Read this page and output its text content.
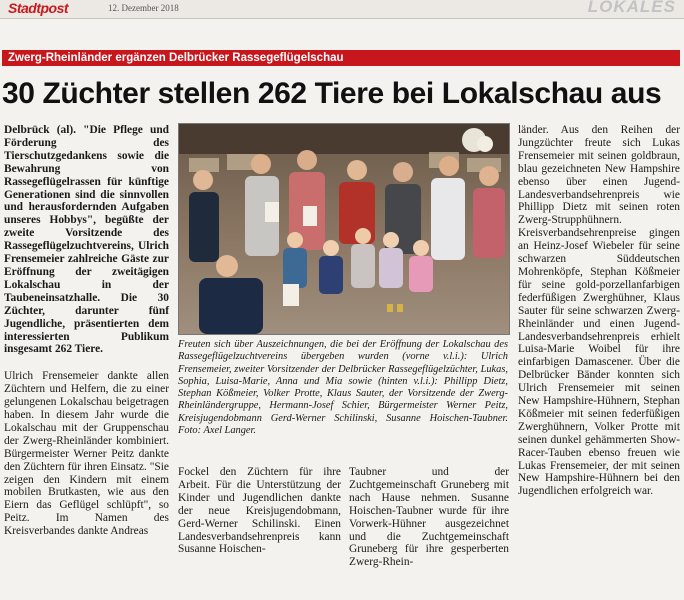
Stadtpost	12. Dezember 2018	LOKALES
Zwerg-Rheinländer ergänzen Delbrücker Rassegeflügelschau
30 Züchter stellen 262 Tiere bei Lokalschau aus

Delbrück (al). "Die Pflege und Förderung des Tierschutzgedankens sowie die Bewahrung von Rassegeflügelrassen für künftige Generationen sind die sinnvollen und herausfordernden Aufgaben unseres Hobbys", begüßte der zweite Vorsitzende des Rassegeflügelzuchtvereins, Ulrich Frensemeier zahlreiche Gäste zur Eröffnung der zweitägigen Lokalschau in der Taubeneinsatzhalle. Die 30 Züchter, darunter fünf Jugendliche, präsentierten dem interessierten Publikum insgesamt 262 Tiere.

Ulrich Frensemeier dankte allen Züchtern und Helfern, die zu einer gelungenen Lokalschau beigetragen haben. In diesem Jahr wurde die Lokalschau mit der Gruppenschau der Zwerg-Rheinländer kombiniert. Bürgermeister Werner Peitz dankte den Züchtern für ihren Einsatz. "Sie zeigen den Kindern mit einem mobilen Brutkasten, wie aus den Eiern das Geflügel schlüpft", so Peitz. Im Namen des Kreisverbandes dankte Andreas

Freuten sich über Auszeichnungen, die bei der Eröffnung der Lokalschau des Rassegeflügelzuchtvereins übergeben wurden (vorne v.l.i.): Ulrich Frensemeier, zweiter Vorsitzender der Delbrücker Rassegeflügelzüchter, Lukas, Sophia, Luisa-Marie, Anna und Mia sowie (hinten v.l.i.): Phillipp Dietz, Stephan Kößmeier, Volker Protte, Klaus Sauter, der Vorsitzende der Zwerg-Rheinländergruppe, Hermann-Josef Schier, Bürgermeister Werner Peitz, Kreisjugendobmann Gerd-Werner Schilinski, Susanne Hoischen-Taubner. Foto: Axel Langer.

Fockel den Züchtern für ihre Arbeit. Für die Unterstützung der Kinder und Jugendlichen dankte der neue Kreisjugendobmann, Gerd-Werner Schilinski. Einen Landesverbandsehrenpreis kann Susanne Hoischen-

Taubner und der Zuchtgemeinschaft Gruneberg mit nach Hause nehmen. Susanne Hoischen-Taubner wurde für ihre Vorwerk-Hühner ausgezeichnet und die Zuchtgemeinschaft Gruneberg für ihre gesperberten Zwerg-Rhein-

länder. Aus den Reihen der Jungzüchter freute sich Lukas Frensemeier mit seinen goldbraun, blau gezeichneten New Hampshire ebenso über einen Jugend-Landesverbandsehrenpreis wie Phillipp Dietz mit seinen roten Zwerg-Strupphühnern. Kreisverbandsehrenpreise gingen an Heinz-Josef Wiebeler für seine schwarzen Süddeutschen Mohrenköpfe, Stephan Kößmeier für seine gold-porzellanfarbigen federfüßigen Zwerghühner, Klaus Sauter für seine schwarzen Zwerg-Rheinländer und einen Jugend-Landesverbandsehrenpreis erhielt Luisa-Marie Woibel für ihre einfarbigen Damascener. Über die Delbrücker Bänder konnten sich Ulrich Frensemeier mit seinen New Hampshire-Hühnern, Stephan Kößmeier mit seinen federfüßigen Zwerghühnern, Volker Protte mit seinen dunkel gehämmerten Show-Racer-Tauben ebenso freuen wie Lukas Frensemeier, der mit seinen New Hampshire-Hühnern bei den Jugendlichen erfolgreich war.
